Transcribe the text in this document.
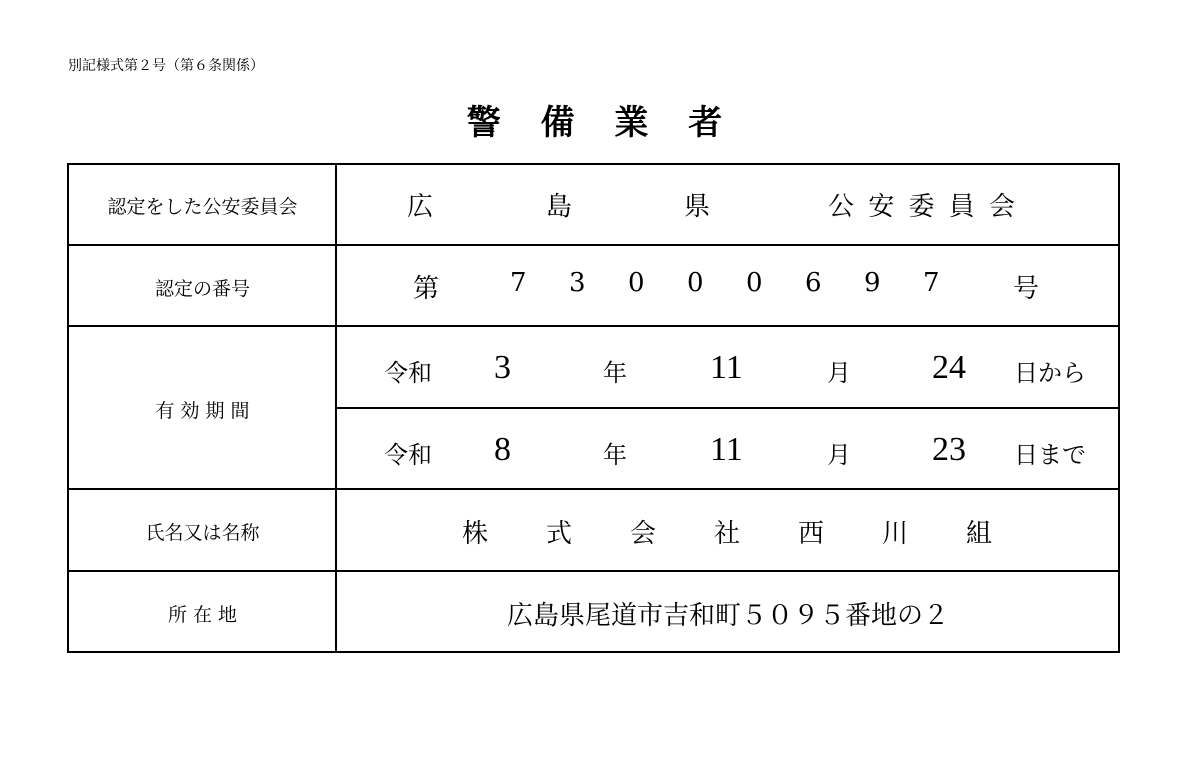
別記様式第２号（第６条関係）
警 備 業 者
認定をした公安委員会	広	島	県	公 安 委 員 会
認定の番号	第	7 3 0 0 0 6 9 7	号
有 効 期 間
令和 3	年 11	月 24 日から
令和 8	年 11	月 23 日まで
氏名又は名称	株 式 会 社 西 川 組
所 在 地	広島県尾道市吉和町５０９５番地の２
